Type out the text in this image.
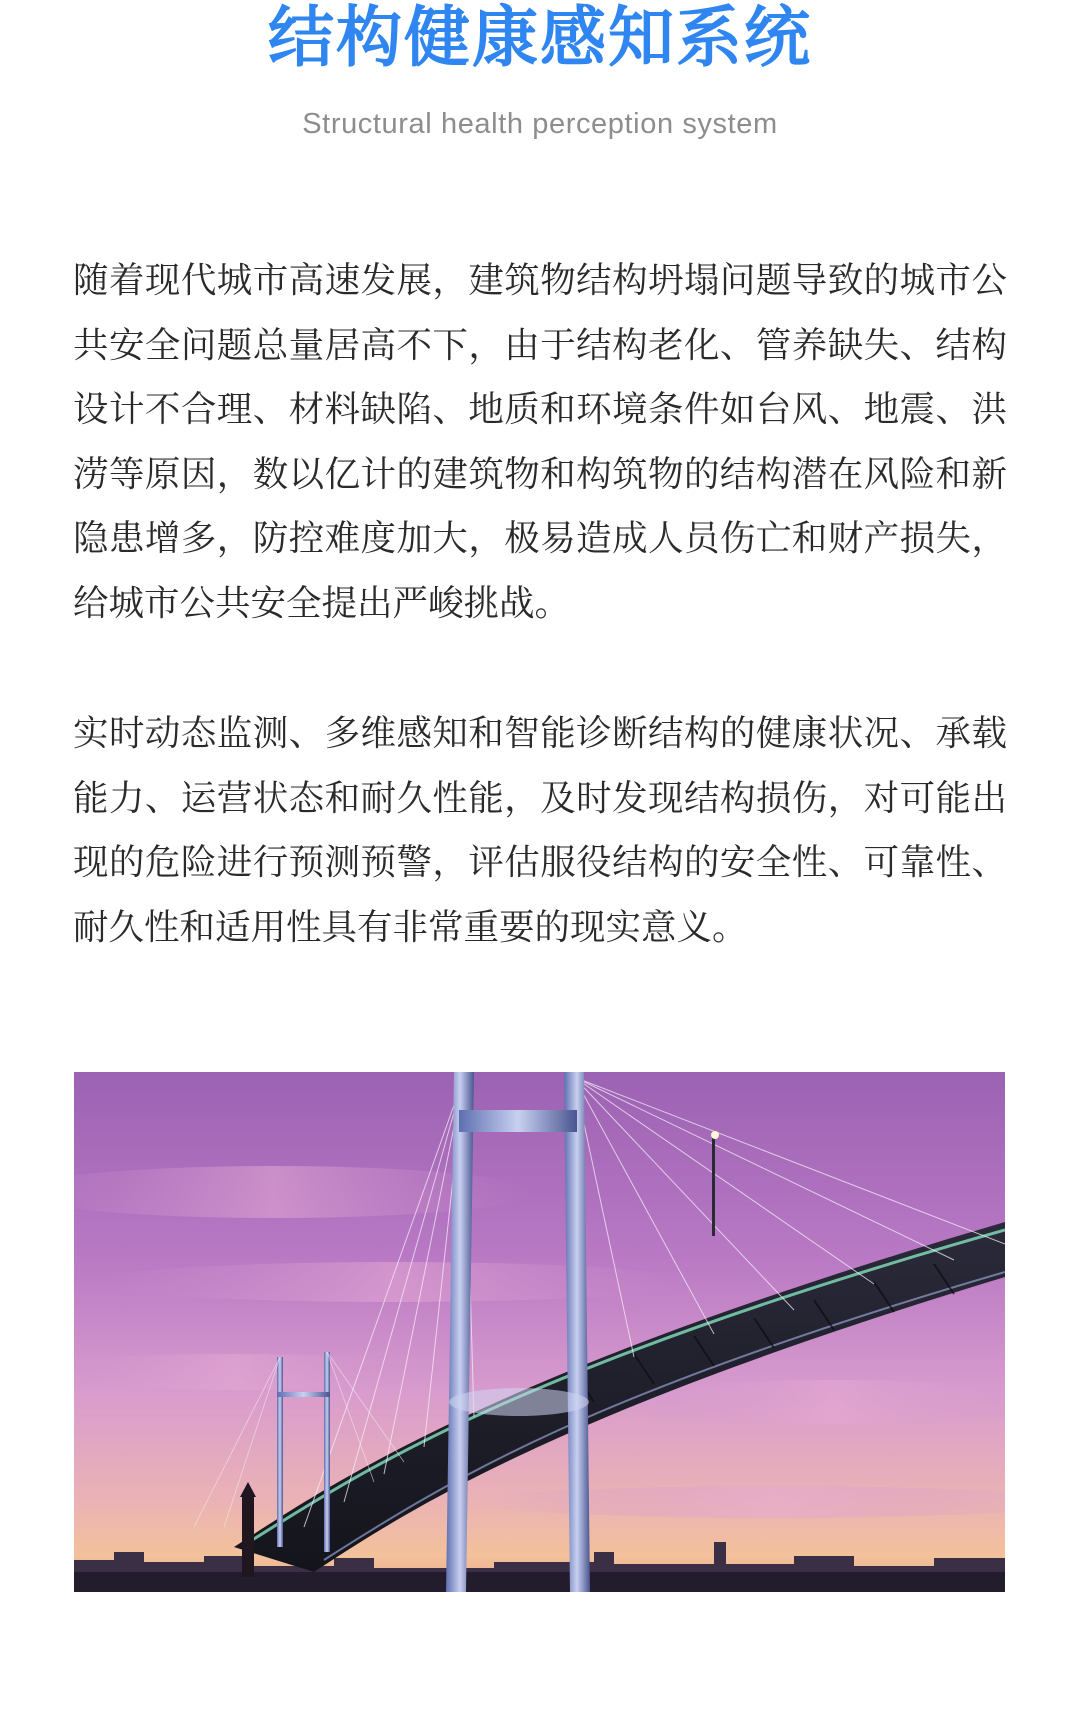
结构健康感知系统
Structural health perception system

随着现代城市高速发展，建筑物结构坍塌问题导致的城市公共安全问题总量居高不下，由于结构老化、管养缺失、结构设计不合理、材料缺陷、地质和环境条件如台风、地震、洪涝等原因，数以亿计的建筑物和构筑物的结构潜在风险和新隐患增多，防控难度加大，极易造成人员伤亡和财产损失，给城市公共安全提出严峻挑战。

实时动态监测、多维感知和智能诊断结构的健康状况、承载能力、运营状态和耐久性能，及时发现结构损伤，对可能出现的危险进行预测预警，评估服役结构的安全性、可靠性、耐久性和适用性具有非常重要的现实意义。
